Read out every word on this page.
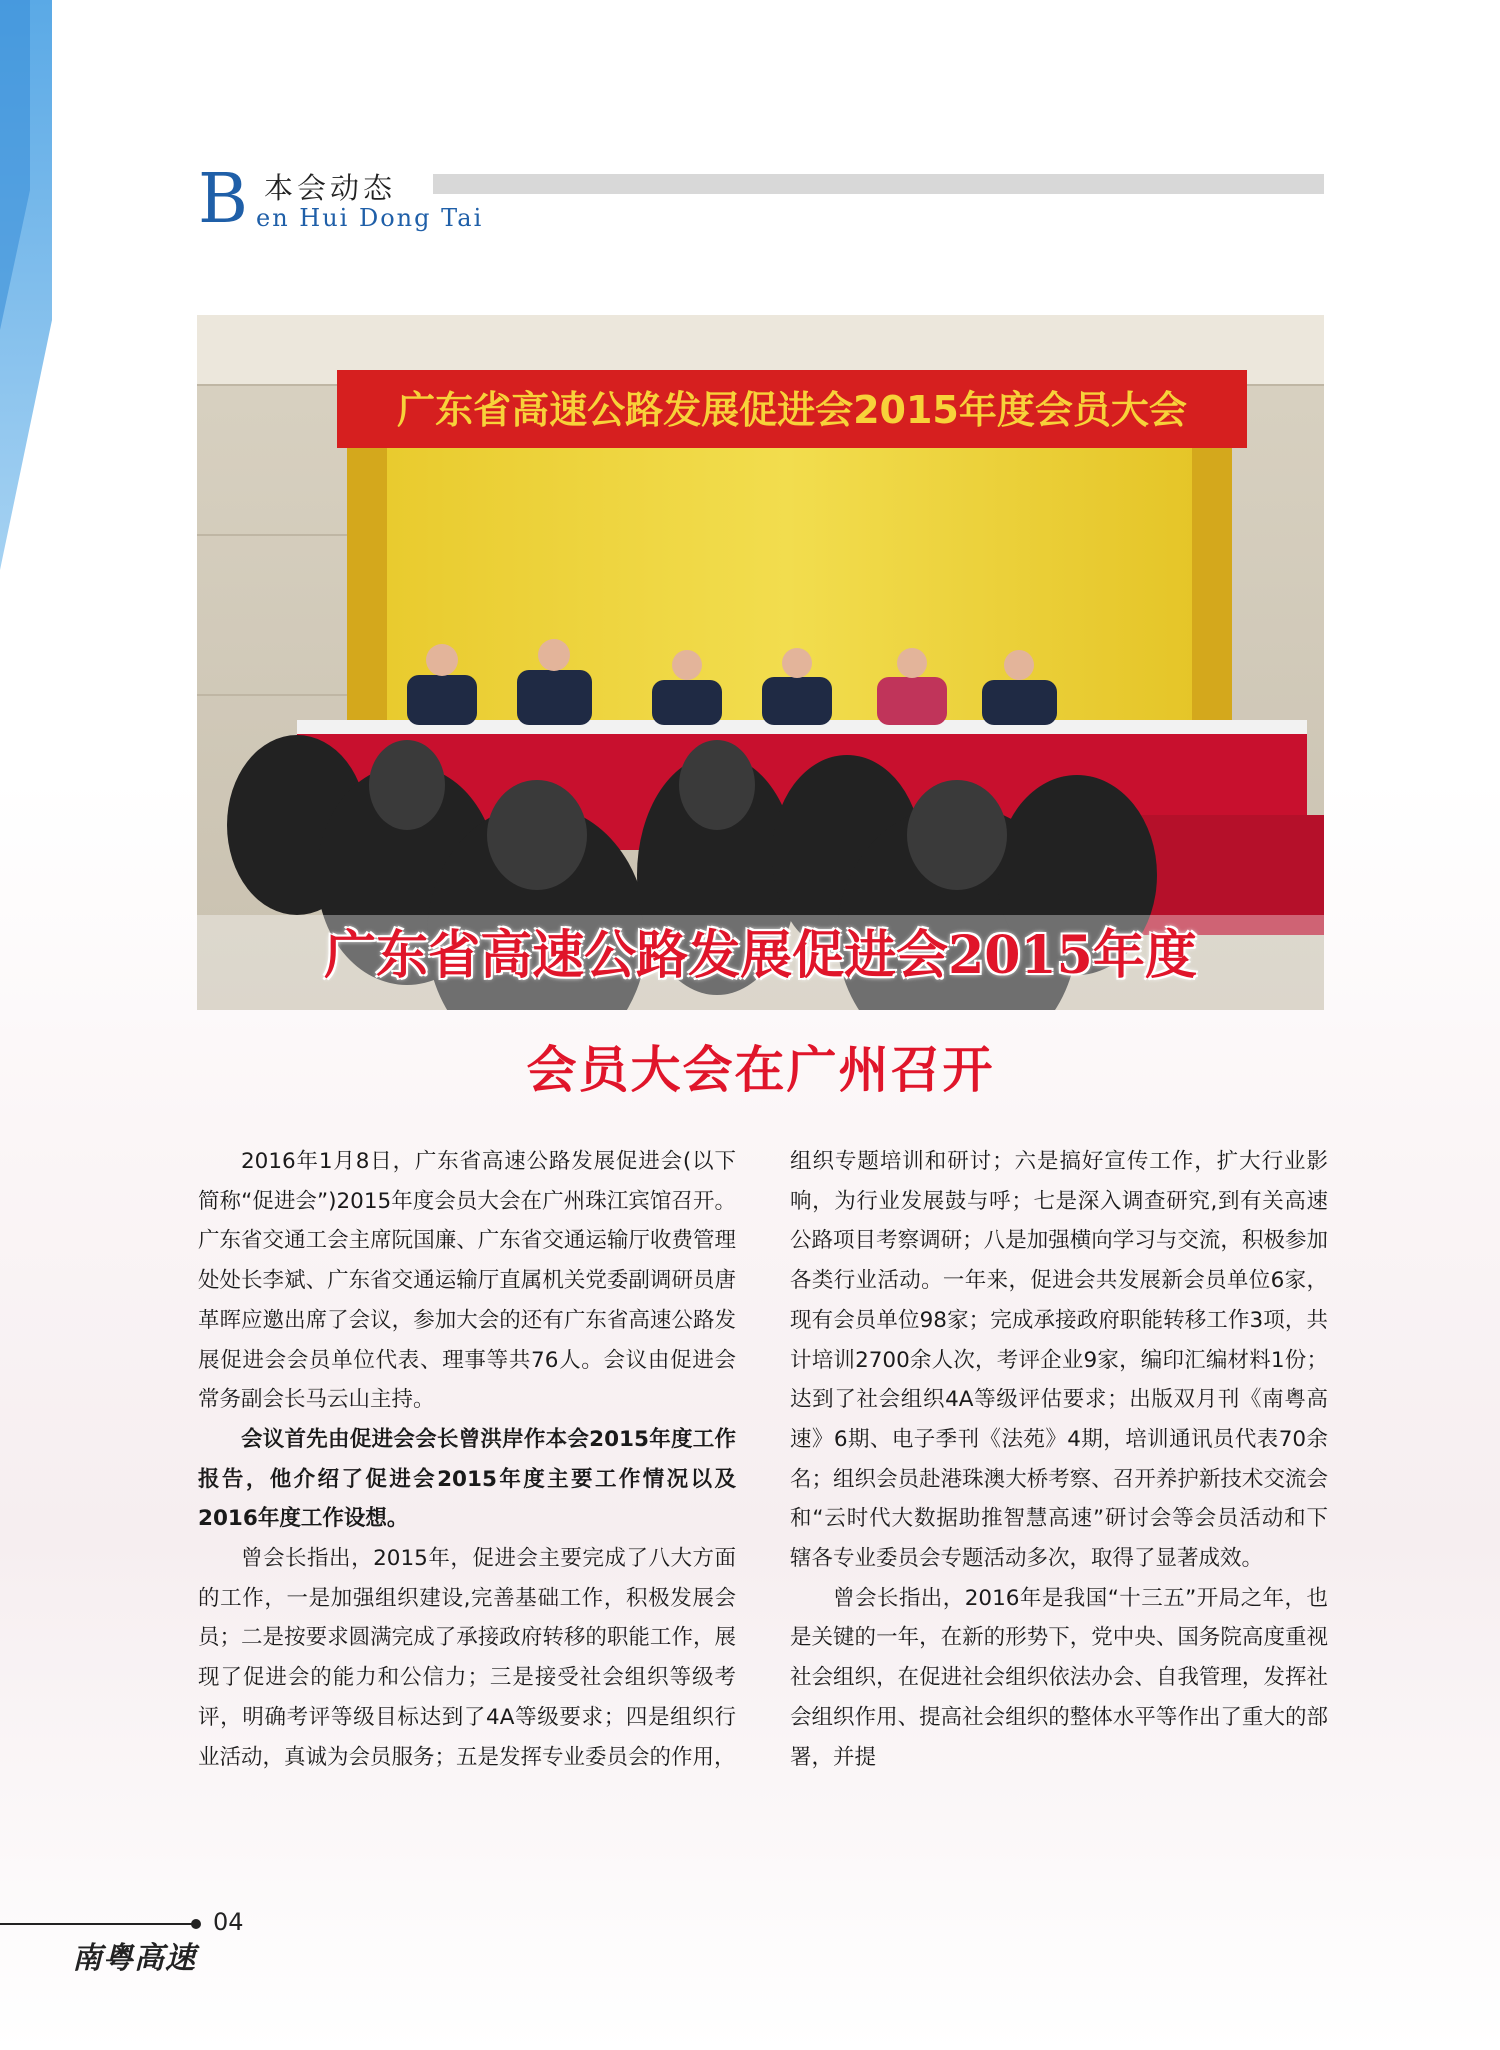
B 本会动态
en Hui Dong Tai
广东省高速公路发展促进会2015年度会员大会
广东省高速公路发展促进会2015年度
会员大会在广州召开

2016年1月8日，广东省高速公路发展促进会(以下简称“促进会”)2015年度会员大会在广州珠江宾馆召开。广东省交通工会主席阮国廉、广东省交通运输厅收费管理处处长李斌、广东省交通运输厅直属机关党委副调研员唐革晖应邀出席了会议，参加大会的还有广东省高速公路发展促进会会员单位代表、理事等共76人。会议由促进会常务副会长马云山主持。

会议首先由促进会会长曾洪岸作本会2015年度工作报告，他介绍了促进会2015年度主要工作情况以及2016年度工作设想。

曾会长指出，2015年，促进会主要完成了八大方面的工作，一是加强组织建设,完善基础工作，积极发展会员；二是按要求圆满完成了承接政府转移的职能工作，展现了促进会的能力和公信力；三是接受社会组织等级考评，明确考评等级目标达到了4A等级要求；四是组织行业活动，真诚为会员服务；五是发挥专业委员会的作用，

组织专题培训和研讨；六是搞好宣传工作，扩大行业影响，为行业发展鼓与呼；七是深入调查研究,到有关高速公路项目考察调研；八是加强横向学习与交流，积极参加各类行业活动。一年来，促进会共发展新会员单位6家，现有会员单位98家；完成承接政府职能转移工作3项，共计培训2700余人次，考评企业9家，编印汇编材料1份；达到了社会组织4A等级评估要求；出版双月刊《南粤高速》6期、电子季刊《法苑》4期，培训通讯员代表70余名；组织会员赴港珠澳大桥考察、召开养护新技术交流会和“云时代大数据助推智慧高速”研讨会等会员活动和下辖各专业委员会专题活动多次，取得了显著成效。

曾会长指出，2016年是我国“十三五”开局之年，也是关键的一年，在新的形势下，党中央、国务院高度重视社会组织，在促进社会组织依法办会、自我管理，发挥社会组织作用、提高社会组织的整体水平等作出了重大的部署，并提

04
南粤高速
